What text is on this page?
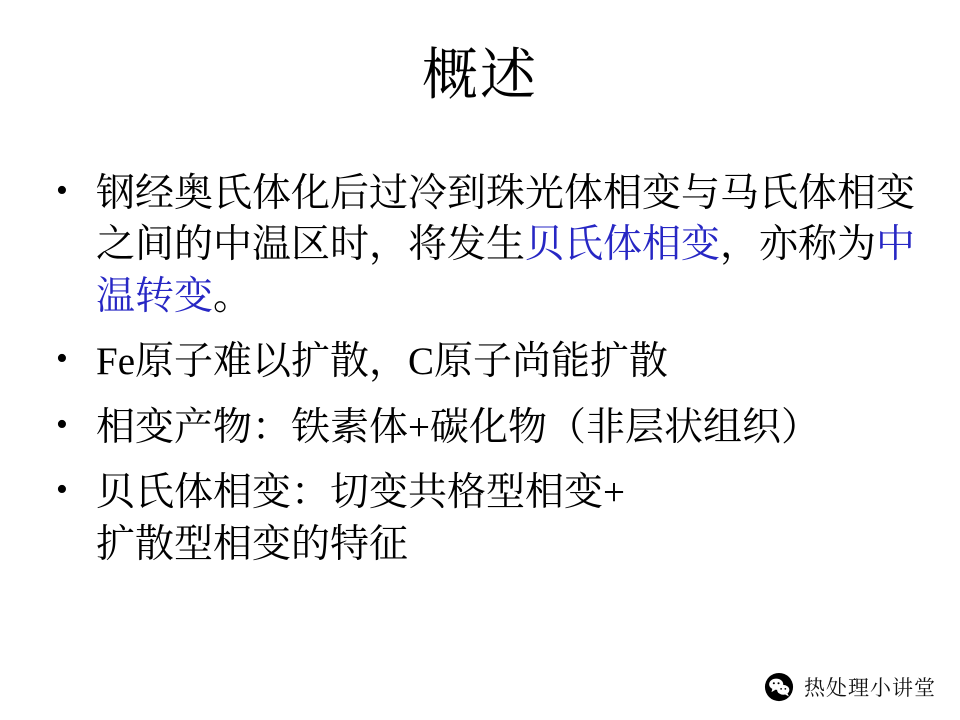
概述
• 钢经奥氏体化后过冷到珠光体相变与马氏体相变之间的中温区时，将发生贝氏体相变，亦称为中温转变。
• Fe原子难以扩散，C原子尚能扩散
• 相变产物：铁素体+碳化物（非层状组织）
• 贝氏体相变：切变共格型相变+
扩散型相变的特征
热处理小讲堂
